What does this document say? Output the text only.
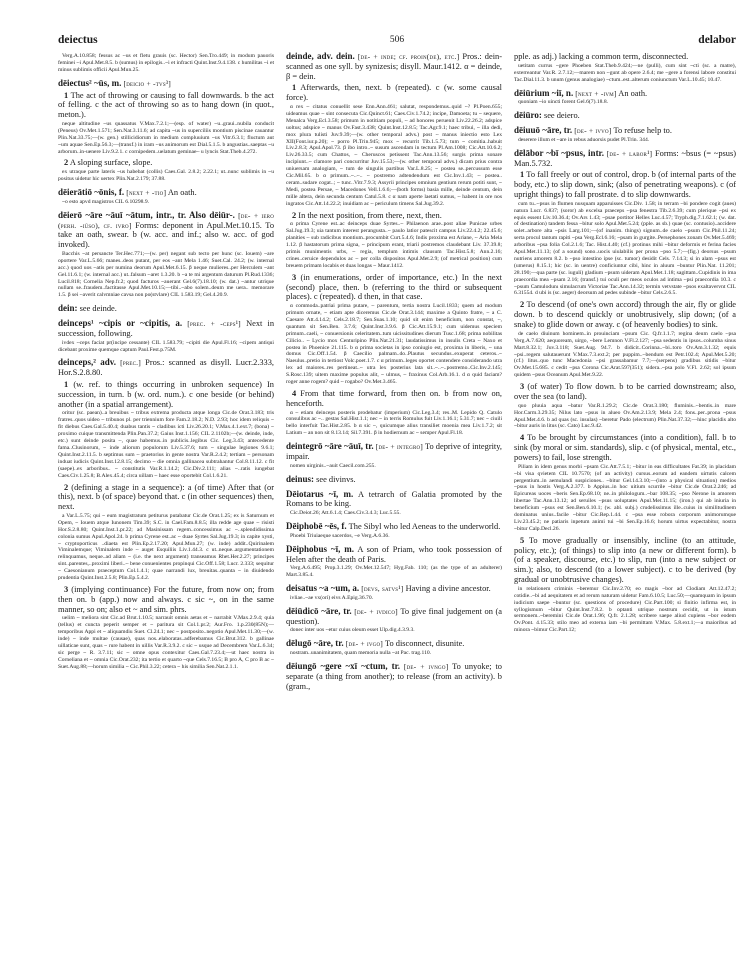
deiectus	506	delabor

Verg.A.10.858; fessus ac ~us et fletu grauis (sc. Hector) Sen.Tro.449; in modum pauoris feminei ~i Apul.Met.8.5. b (sumus) in epilogis..~i et infracti Quint.Inst.9.4.138. c humilitas ~i et minus sublimis officii Apul.Mun.25.

dēiectus² ~ūs, m. [deicio + -tvs³]

1 The act of throwing or causing to fall downwards. b the act of felling. c the act of throwing so as to hang down (in quot., meton.).

neque altitudine ~us quassatus V.Max.7.2.1;—(esp. of water) ~u..graui..nubila conducit (Peneus) Ov.Met.1.571; Sen.Nat.3.11.6; ad capita ~us in superciliis montium piscinae cauantur Plin.Nat.33.75;—(w. gen.) stillicidiorum in medium compluuium ~us Vitr.6.3.1; fluctum aut ~um aquae Sen.Ep.56.3;—(transf.) in iram ~us animorum est Dial.5.1.5. b angustias..saeptas ~u arborum..in-uenere Liv.9.2.1. c cornipedem..uelatum geminae~ u lyncis Stat.Theb.4.272.

2 A sloping surface, slope.

ex utraque parte lateris ~us habebat (collis) Caes.Gal. 2.8.2; 2.22.1; ut..nunc sublimis in ~u positus uidetur hic uertex Plin.Nat.2.179; 37.88.

dēierātiō ~ōnis, f. [next + -tio] An oath.

~o esto apvd magistros CIL 6.10298.9.

dēierō ~āre ~āuī ~ātum, intr., tr. Also dēiūr-. [de- + iero (perh. -iūso), cf. ivro] Forms: deponent in Apul.Met.10.15. To take an oath, swear. b (w. acc. and inf.; also w. acc. of god invoked).

Bacchis ~at persancte Ter.Hec.771;—(w. per) negant sub tecto per hunc (sc. Iouem) ~are oportere Var.L.5.66; manes..deos putant, per eos ~ant Mela 1.46; Suet.Cal. 24.2; (w. internal acc.) quod uos ~atis per numina deorum Apul.Met.6.15. β neque mulieres..per Herculem ~ant Gel.11.6.1; (w. internal acc.) ut..falsum ~aret 1.3.20. b ~a te mi argentum daturum Pl.Rud.1336; Lucil.818; Cornelia Nep.fr.2; quod facturos ~auerant Gel.6(7).18.10; (w. dat.) ~antur utrique nullam se..fraudem..factitasse Apul.Met.10.15;—tibi..~abo solem..deum me uera.. memorare 1.5. β sei ~averit calvmniae cavsa non po(stvlare) CIL 1.583.19; Gel.4.20.9.

dein: see deinde.

deinceps¹ ~cipis or ~cipitis, a. [prec. + -ceps¹] Next in succession, following.

ivdex ~ceps faciat pr(incipe cessante) CIL 1.583.79; ~cipiti die Apul.Fl.16; ~cipem antiqui dicebant proxime quemque captum Paul.Fest.p.75M.

deinceps,² adv. [prec.] Pros.: scanned as disyll. Lucr.2.333, Hor.S.2.8.80.

1 (w. ref. to things occurring in unbroken sequence) In succession, in turn. b (w. ord. num.). c one beside (or behind) another (in a spatial arrangement).

oritur (sc. paean)..a breuibus ~ tribus extrema producta atque longa Cic.de Orat.3.183; tris fratres..quos uideo ~ tribunos pl. per triennium fore Fam.2.18.2; N.D. 2.93; hoc idem reliquis ~ fit diebus Caes.Gal.5.40.4; duabus tantis ~ cladibus icti Liv.26.20.1; V.Max.4.1.ext.7; (bona) ~ proximo cuique transmittenda Plin.Pan.37.2; Gaius Inst.1.156; CIL 2.1102b;—(w. deinde, inde, etc.) sunt deinde posita ~, quae habemus..in publicis..legibus Cic. Leg.3.43; antecedente fama..Clusinorum, ~ inde aliorum populorum Liv.5.37.6; tum ~ singulae legiones 9.6.1; Quint.Inst.2.11.5. b septimus sum ~ praetorius in gente nostra Var.R.2.4.2; tertiam ~ personam induat iudicis Quint.Inst.12.8.15; decimo ~ die omnia gallinacea subtrahantur Col.8.11.12. c fit (saepe)..ex arboribus.. ~ constitutis Var.R.1.14.2; Cic.Div.2.111; alias ~..ratis iungebat Caes.Civ.1.25.8; B.Alex.45.4; circa uillam ~ haec esse oportebit Col.1.6.21.

2 (defining a stage in a sequence): a (of time) After that (or this), next. b (of space) beyond that. c (in other sequences) then, next.

a Var.L.5.75; qui ~ eum magistratum petiturus putabatur Cic.de Orat.1.25; ex is Saturnum et Opem, ~ Iouem atque Iunonem Tim.39; S.C. in Cael.Fam.8.8.5; illa redde age quae ~ risisti Hor.S.2.8.80; Quint.Inst.1.pr.22; ad Masinissam regem..concessimus ac ~..splendidissima colonia sumus Apul.Apol.24. b prima Cyrene est..ac ~ duae Syrtes Sal.Jug.19.3; in capite xysti, ~ cryptoporticus ..diaeta est Plin.Ep.2.17.20; Apul.Mun.27; (w. inde) addit..Quirinalem Viminalemque; Viminalem inde ~ auget Esquiliis Liv.1.44.3. c ut..neque..argumentationem relinquamus, neque..ad aliam ~ (i.e. the next argument) transeamus Rhet.Her.2.27; principes sint..parentes,..proximi liberi..~ bene conuenientes propinqui Cic.Off.1.58; Lucr. 2.333; sequitur ~ Caesonianum praeceptum Col.1.4.1; quae narrandi lux, breuitas..quanta ~ in diuidendo prudentia Quint.Inst.2.5.8; Plin.Ep.5.4.2.

3 (implying continuance) For the future, from now on; from then on. b (app.) now and always. c sic ~, on in the same manner, so on; also et ~ and sim. phrs.

uelim ~ meliora sint Cic.ad Brut.1.10.5; narrauit omnis aetas et ~ narrabit V.Max.2.9.4; quia (tellus) et cuncta peperit semper et ~ paritura sit Col.1.pr.2; Aur.Fro. 1.p.230(85N);—temporibus Appi et ~ aliquamdiu Suet. Cl.24.1; nec ~ postposito..negotio Apul.Met.11.30;—(w. inde) ~ inde multae (causae), quas nos..elaboratas..adferebamus Cic.Brut.312. b gallinae uillaticae sunt, quas ~ rure habent in uillis Var.R.3.9.2. c sic ~ usque ad Decembrem Var.L.6.34; sic perge ~ R. 3.7.11; sic ~ omne opus contexitur Caes.Gal.7.23.4;—ut haec nostra in Corneliana et ~ omnia Cic.Orat.232; ita tertio et quarto ~que Cels.7.16.5; B pro A, C pro B ac ~ Suet.Aug.88;—horum similia ~ Cic.Phil.3.22; cetera ~ his similia Sen.Nat.2.1.1.

deinde, adv. dein. [de- + inde; cf. proin(de), etc.] Pros.: dein- scanned as one syll. by synizesis; disyll. Maur.1412. α = deinde, β = dein.

1 Afterwards, then, next. b (repeated). c (w. some causal force).

α rex ~ citatus conuellit sese Enn.Ann.461; salutat, respondemus..quid ~? Pl.Poen.655; uideamus quae ~ sint consecuta Cic.Quinct.61; Caes.Civ.1.74.2; incipe, Damoeta; tu ~ sequere, Menalca Verg.Ecl.3.58; primum in notitiam populi, ~ ad honores peruenit Liv.22.26.2; adspice uoltus; adspice ~ manus Ov.Fast.3.438; Quint.Inst.12.8.5; Tac.Agr.9.1; haec tribui, ~ illa dedi, mox plura tulisti Juv.9.39;—(w. other temporal advs.) post ~ manus iniectio esto Lex XII(Font.iur.p.20); ~ porro Pl.Trin.945; mox ~ recurrit Tib.1.5.73; tum ~ comitia..habuit Liv.2.8.3; Apul.Apol.73. β ibo intro..~ susum ascendam in tectum Pl.Am.1008; Cic.Att.10.6.2; Liv.26.33.5; cum Chattos, ~ Cheruscos petissent Tac.Ann.13.56; surgis prima sonare incipiunt..~ clamore pari concurritur Juv.15.53;—(w. other temporal advs.) dicam prius contra uniuersam analogiam, ~ tum de singulis partibus Var.L.8.25; ~ postea se..percussum esse Cic.Mil.65. b α primum..~..~.. ~ postremo adtendendum est Cic.Inv.1.43; ~ postea.. ceram..sudare cogat..; ~ tunc..Vitr.7.9.3; Assyrii principes omnium gentium rerum potiti sunt, ~ Medi, postea Persae, ~ Macedones Vell.1.6.6;—(both forms) basia mille, deinde centum, dein mille altera, dein secunda centum Catul.5.8. c α nam aperte laetati sumus, ~ habent in ore nos ingratos Cic.Att.14.22.2; inuidiam ac ~ periculum timens Sal.Jug.39.2.

2 In the next position, from there, next, then.

α prima Cyrene est..ac deinceps duae Syrtes..~ Philaenon arae..post aliae Punicae urbes Sal.Jug.19.3; uia tantum interest perangusta..~ paulo latior patescit campus Liv.22.4.2; 22.45.6; planities ~ sub radicibus montium..procumbit Curt.5.4.6; Indis proxima est Ariane, ~ Aria Mela 1.12. β hastatorum prima signa, ~ principum erant, triarii postremos claudebant Liv. 37.39.8; primis munimentis urbs, ~ regia, templum intimis clausum Tac.Hist.5.8; Ann.2.16; crines..ceruice dependulos ac ~ per colla dispositos Apul.Met.2.9; (of metrical position) cum breuem primam locabis et duas longas ~ Maur.1412.

3 (in enumerations, order of importance, etc.) In the next (second) place, then. b (referring to the third or subsequent places). c (repeated). d then, in that case.

α commoda..patriai prima putare, ~ parentum, tertia nostra Lucil.1833; quem ad modum primum ornate, ~ etiam apte diceremus Cic.de Orat.3.144; maxime a Quinto fratre, ~ a C. Caesare Att.4.14.2; Cels.2.18.7; Sen.Suas.1.10; quid sit enim beneficium, non constat, ~, quantum sit Sen.Ben. 3.7.6; Quint.Inst.3.9.6. β Cic.Att.15.9.1; cum uidemus speciem primum..caeli, ~ conuersionis celeritatem..tum uicissitudines dierum Tusc.1.68; prima nobilitas Cilicio.. ~ Lycio mox Centuripino Plin.Nat.21.31; laudatissimus in insulis Creta ~ Naxo et postea in Phoenice 21.115. b α prima societas in ipso coniugio est, proxima in liberis, ~ una domus Cic.Off.1.54. β Caecilio palmam..do..Plautus secundus..exuperat ceteros..~ Naeulus..pretio in tertiost Volc.poet.1.7. c α primum..leges oportet contendere considerando utra lex ad maiores..res pertineat..~ utra lex posterius lata sit..~..~..postremo..Cic.Inv.2.145; S.Rosc.139; uitem maxime populus alit, ~ ulmus, ~ fraxinus Col.Arb.16.1. d α quid faciam? roger anne rogem? quid ~ rogabo? Ov.Met.3.465.

4 From that time forward, from then on. b from now on, henceforth.

α ~ etiam deinceps posteris prodebatur (imperium) Cic.Leg.3.4; res..M. Lepido Q. Catulo consulibus ac ~.. gestas Sal.Hist.1.1; nec ~ in terris Romulus fuit Liv.1.16.1; 5.31.7; nec ~ ciuili bello interfuit Tac.Hist.2.85. b α sic ~, quicumque alius transiliet moenia mea Liv.1.7.2; sit Latium ~ an non sit 8.13.14; Sil.7.391. β in hodiernum ac ~ semper Apul.Fl.18.

deintegrō ~āre ~āuī, tr. [de- + integro] To deprive of integrity, impair.

nomen uirginis..~auit Caecil.com.255.

deinus: see divinvs.

Dēiotarus ~ī, m. A tetrarch of Galatia promoted by the Romans to be king.

Cic.Deiot.26; Att.6.1.4; Caes.Civ.3.4.3; Luc.5.55.

Dēiphobē ~ēs, f. The Sibyl who led Aeneas to the underworld.

Phoebi Triuiaeque sacerdos, ~e Verg.A.6.36.

Dēiphobus ~ī, m. A son of Priam, who took possession of Helen after the death of Paris.

Verg.A.6.495; Prop.3.1.29; Ov.Met.12.547; Hyg.Fab. 110; (as the type of an adulterer) Mart.3.85.4.

deisatus ~a ~um, a. [devs, satvs¹] Having a divine ancestor.

ivliae..~ae vx(ori) eivs A.Epig.36.70.

dēiūdicō ~āre, tr. [de- + ivdico] To give final judgement on (a question).

donec inter uos ~etur cuius oleum esset Ulp.dig.4.3.9.3.

dēlugō ~āre, tr. [de- + ivgo] To disconnect, disunite.

nostram..unanimitatem, quam memoria nulla ~at Pac. trag.110.

dēiungō ~gere ~xī ~ctum, tr. [de- + ivngo] To unyoke; to separate (a thing from another); to release (from an activity). b (gram.,

pple. as adj.) lacking a common term, disconnected.

uetitam currus ~gere Phoeben Stat.Theb.9.424;—ne (pulli), cum sint ~cti (sc. a matre), exterreantur Var.R. 2.7.12;—marem non ~gunt ab opere 2.6.4; me ~gere a forensi labore constitui Tac.Dial.11.3. b unum (genus analogiae) ~ctum..est..alterum coniunctum Var.L.10.45; 10.47.

dēiūrium ~iī, n. [next + -ivm] An oath.

quoniam ~io uincti forent Gel.6(7).18.8.

dēiūro: see deiero.

dēiuuō ~āre, tr. [de- + ivvo] To refuse help to.

deserere illum et ~are in rebus aduorsis pudet Pl.Trin. 344.

dēlābor ~bī ~psus, intr. [de- + labor¹] Forms: ~bsus (= ~psus) Man.5.732.

1 To fall freely or out of control, drop. b (of internal parts of the body, etc.) to slip down, sink; (also of penetrating weapons). c (of upright things) to fall prostrate. d to slip downwards.

cum tu..~psus in flumen nusquam apparuisses Cic.Div. 1.58; in terram ~bi pondere cogit (aues) natura Lucr. 6.837; (soror) ab excelsa praeceps ~psa fenestra Tib.2.6.39; cum plerique ~psi ex equis essent Liv.10.36.4; Ov.Ars 1.43; ~psae portitor Helles Luc.4.57; Tryph.dig.7.1.62.1; (w. dat. of destination) tandem fessa ~bitur solo Apul.Met.5.24; (pple. as sb.) quae (sc. contusio)..accidere solet..arbore alta ~psis Larg.101;—(of inanim. things) signum..de caelo ~psum Cic.Phil.11.24; serta procul tantum rapiti ~psa Verg.Ecl.6.16; ~psam in gurgite..Persephones zonam Ov.Met.5.469; arboribus ~psa folia Col.2.1.6; Tac. Hist.4.40; (cf.) protinus mihi ~bitur deformis et ferina facies Apul.Met.11.13; (of a sound) sono..uocis uiulabilis per prona ~pso 5.7;—(fig.) deorsus ~psum nutriens amorem 8.2. b ~pso intestino ipse (sc. tumor) desidit Cels. 7.14.3; si in alam ~psus est (umerus) 8.15.1; hic (sc. in uentre) conficiuntur cibi, hinc in aluum ~buntur Plin.Nat. 11.201; 28.190;—qua parte (sc. iuguli) gladium ~psum uideram Apul.Met.1.18; sagittam..Cupidinis in ima praecordia mea ~psam 2.16; (transf.) tui oculi per meos oculos ad intima ~psi praecordia 10.3. c ~psum Camulodunι simulacrum Victoriae Tac.Ann.14.32; termin vetvstate ~psos exaltavervnt CIL 6.31554. d ubi is (sc. aeger) deorsum ad pedes subinde ~bitur Cels.2.6.5.

2 To descend (of one's own accord) through the air, fly or glide down. b to descend quickly or unobtrusively, slip down; (of a snake) to glide down or away. c (of heavenly bodies) to sink.

de caelo diuinum hominem..in prouinciam ~psum Cic. Q.fr.1.1.7; regina deum caelo ~psa Verg.A.7.620; aequoream, uirgo, ~bere Lemnon V.Fl.2.127; ~psa sedentis in ipsos..columba sinus Mart.8.32.1; Juv.3.118; Suet.Aug. 94.7. b didicit..Corinna..~bi..toro Ov.Am.3.1.32; equis ~psi..regem salutauerunt V.Max.7.3.ext.2; per puppim..~bendum est Petr.102.4; Apul.Met.5.20; (cf.) litus..quo tunc Macedonia ~psi grassabamur 7.7;—(serpens) gradibus sitidis ~bitur Ov.Met.15.685. c cedit ~psa Corona Cic.Arat.597(351); sidera..~psa polo V.Fl. 2.62; sol ipsum quidem ~psus Oceanum Apul.Met.9.22.

3 (of water) To flow down. b to be carried downstream; also, over the sea (to land).

quo pluuia aqua ~batur Var.R.1.29.2; Cic.de Orat.3.180; fluminis..~bentis..in mare Hor.Carm.3.29.35; Nilus lato ~psus in alueo Ov.Am.2.13.9; Mela 2.4; fons..per..prona ~psus Apul.Met.4.6. b ad quas (sc. insulas) ~beretur Pado (electrum) Plin.Nat.37.32;—hinc placidis alto ~bitur auris in litus (sc. Cato) Luc.9.42.

4 To be brought by circumstances (into a condition), fall. b to sink (by moral or sim. standards), slip. c (of physical, mental, etc., powers) to fail, lose strength.

Piliam in idem genus morbi ~psam Cic.Att.7.5.1; ~bitur in eas difficultates Fat.39; in placidam ~bi visa qvietem CIL 10.7570; (of an activity) cursus..eorum ad eandem uirtutis calcem pergentium..in aemulandi suspiciones.. ~bitur Gel.14.3.10;—(into a physical situation) medios ~psus in hostis Verg.A.2.377. b Appius..in hoc uitium scurrile ~bitur Cic.de Orat.2.246; ad Epicureas uoces ~beris Sen.Ep.68.10; ne..in philologum..~bar 108.35; ~pso Nerone in amorem libertae Tac.Ann.13.12; ad seruiles ~psus uoluptates Apul.Met.11.15; (iron.) qui ab iniuria in beneficium ~psus est Sen.Ben.6.10.1; (w. abl. subj.) crudelissimus ille..cuius in similitudinem dominatus unius..facile ~bitur Cic.Rep.1.44. c ~psa esse robora corporum animorumque Liv.23.45.2; ne patiaris inpetum animi tui ~bi Sen.Ep.16.6; horum uirtus expectabitur, nostra ~bitur Calp.Decl.26.

5 To move gradually or insensibly, incline (to an attitude, policy, etc.); (of things) to slip into (a new or different form). b (of a speaker, discourse, etc.) to slip, run (into a new subject or sim.); also, to descend (to a lower subject). c to be derived (by gradual or unobtrusive changes).

in relationem criminis ~beremur Cic.Inv.2.70; eo magis ~bor ad Clodiam Att.12.47.2; cotidie..~bi ad aequitatem et ad rerum naturam uidetur Fam.6.10.5; Luc.50;—quamquam in ipsum iudicium saepe ~buntur (sc. questions of procedure) Cic.Part.100; si finitio infirma est, in syllogismum ~bitur Quint.Inst.7.8.2. b optanti utrique nostrum cecidit, ut in istum sermonem..~beremini Cic.de Orat.1.96; Q.fr. 2.1.28; scribere saepe aliud cupiens ~bor eodem Ov.Pont. 4.15.33; stilo meo ad externa iam ~bi permittam V.Max. 5.8.ext.1;—a maioribus ad minora ~bimur Cic.Part.12;
